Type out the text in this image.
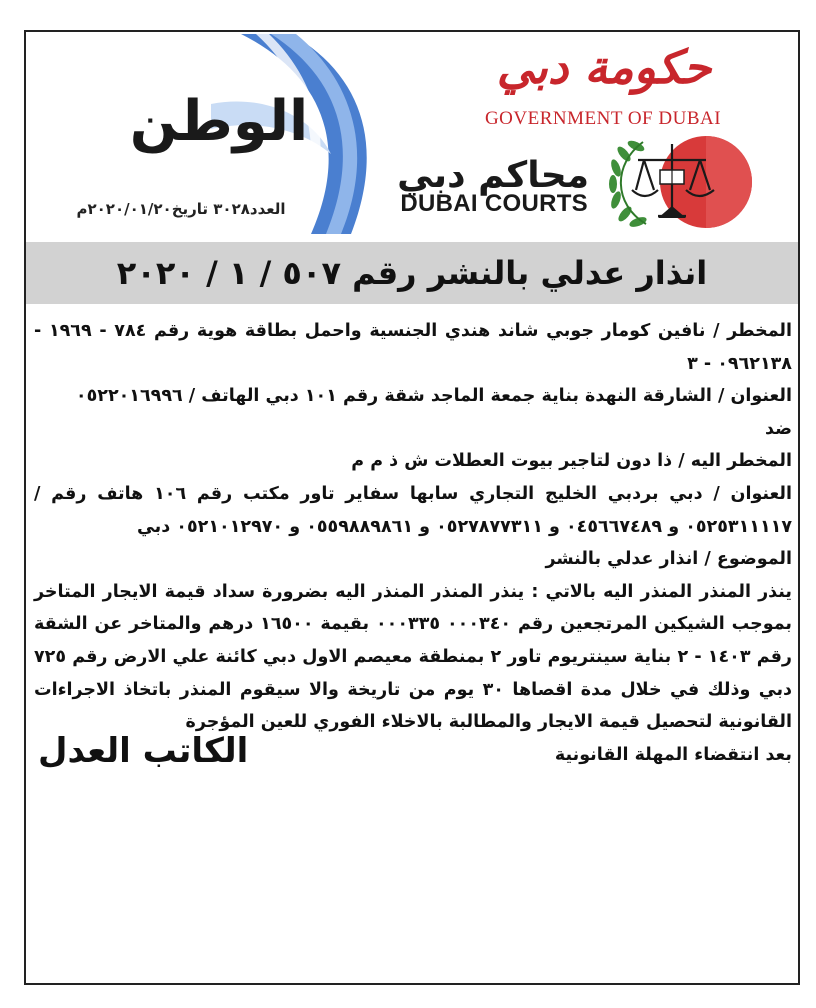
الوطن
العدد٣٠٢٨ تاريخ٢٠٢٠/٠١/٢٠م
حكومة دبي
GOVERNMENT OF DUBAI
محاكم دبي
DUBAI COURTS
انذار عدلي بالنشر رقم ٥٠٧ / ١ / ٢٠٢٠

المخطر / نافين كومار جوبي شاند هندي الجنسية واحمل بطاقة هوية رقم ٧٨٤ - ١٩٦٩ - ٠٩٦٢١٣٨ - ٣

العنوان / الشارقة النهدة بناية جمعة الماجد شقة رقم ١٠١ دبي الهاتف / ٠٥٢٢٠١٦٩٩٦

ضد

المخطر اليه / ذا دون لتاجير بيوت العطلات ش ذ م م

العنوان / دبي بردبي الخليج التجاري سابها سفاير تاور مكتب رقم ١٠٦ هاتف رقم / ٠٥٢٥٣١١١١٧ و ٠٤٥٦٦٧٤٨٩ و ٠٥٢٧٨٧٧٣١١ و ٠٥٥٩٨٨٩٨٦١ و ٠٥٢١٠١٢٩٧٠ دبي

الموضوع / انذار عدلي بالنشر

ينذر المنذر المنذر اليه بالاتي : ينذر المنذر المنذر اليه بضرورة سداد قيمة الايجار المتاخر بموجب الشيكين المرتجعين رقم ٠٠٠٣٤٠ ٠٠٠٣٣٥ بقيمة ١٦٥٠٠ درهم والمتاخر عن الشقة رقم ١٤٠٣ - ٢ بناية سينتريوم تاور ٢ بمنطقة معيصم الاول دبي كائنة علي الارض رقم ٧٢٥ دبي وذلك في خلال مدة اقصاها ٣٠ يوم من تاريخة والا سيقوم المنذر باتخاذ الاجراءات القانونية لتحصيل قيمة الايجار والمطالبة بالاخلاء الفوري للعين المؤجرة

بعد انتقضاء المهلة القانونية
الكاتب العدل
